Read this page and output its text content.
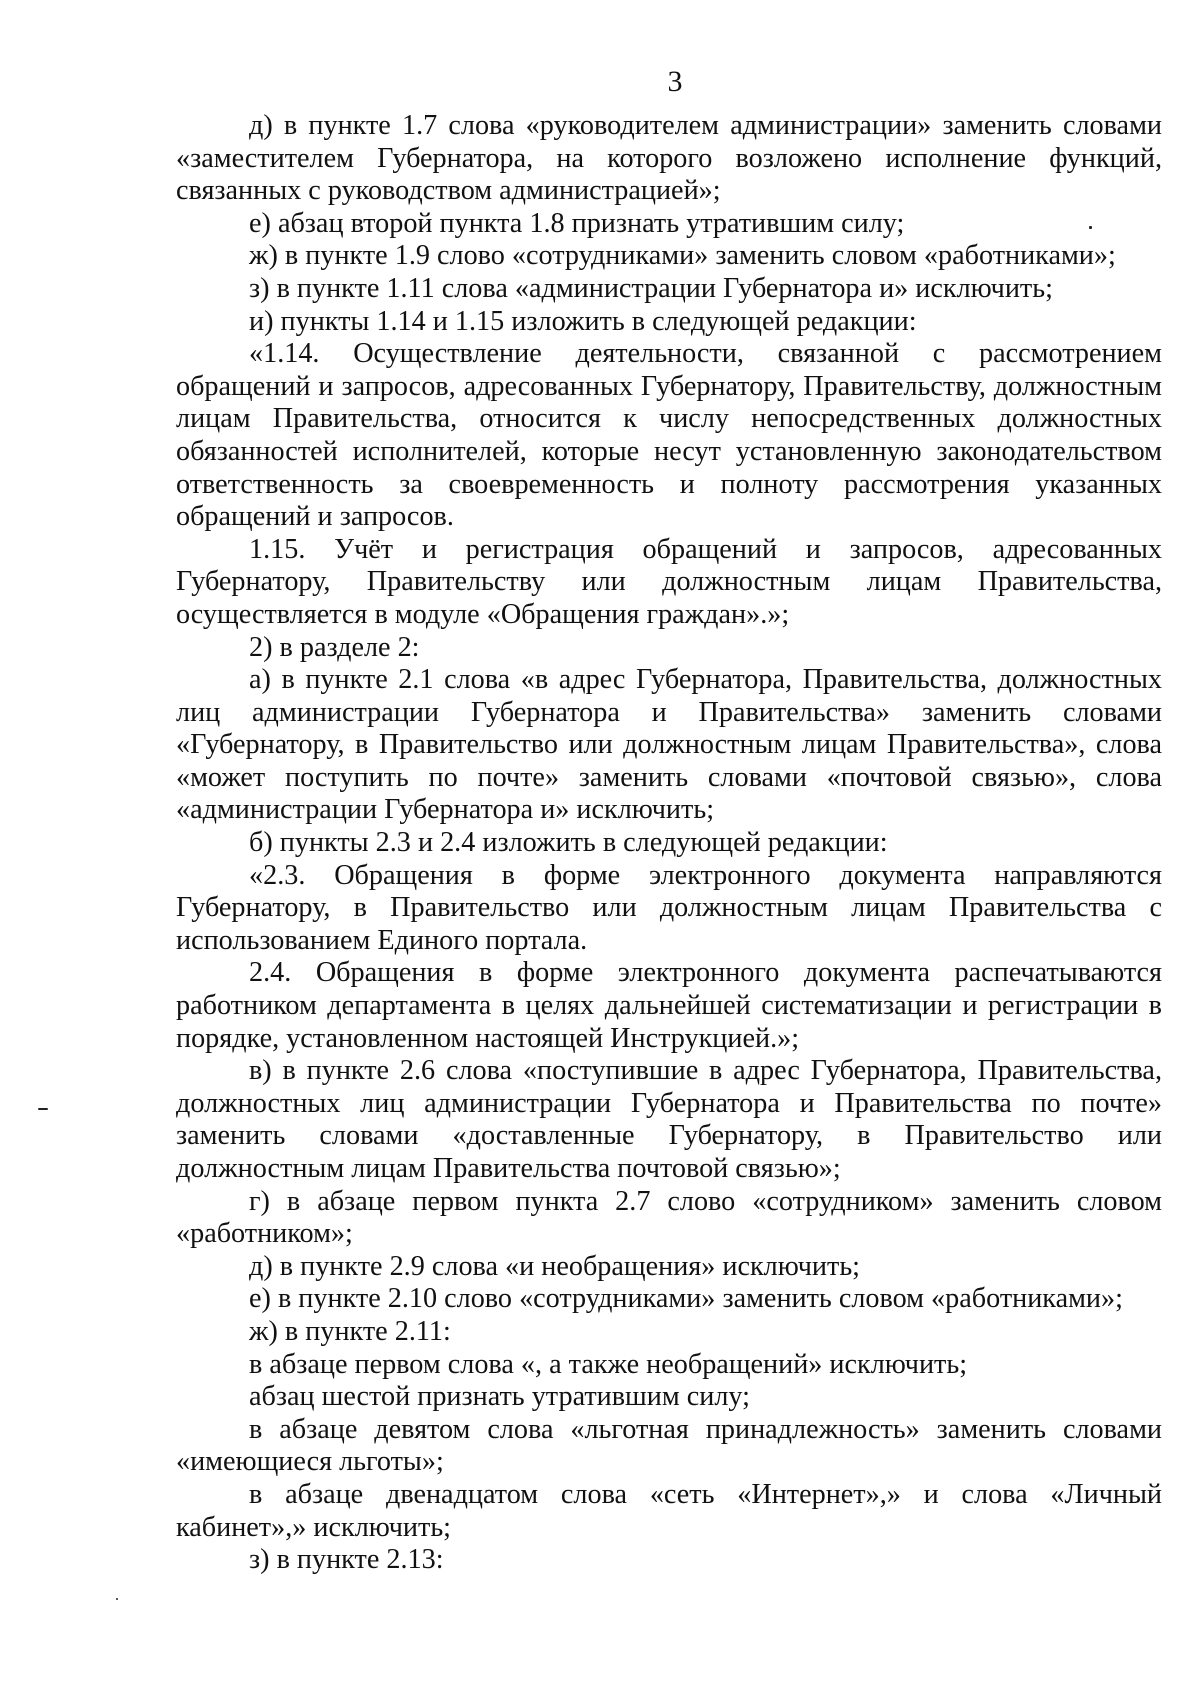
3

д) в пункте 1.7 слова «руководителем администрации» заменить словами «заместителем Губернатора, на которого возложено исполнение функций, связанных с руководством администрацией»;

е) абзац второй пункта 1.8 признать утратившим силу;

ж) в пункте 1.9 слово «сотрудниками» заменить словом «работниками»;

з) в пункте 1.11 слова «администрации Губернатора и» исключить;

и) пункты 1.14 и 1.15 изложить в следующей редакции:

«1.14. Осуществление деятельности, связанной с рассмотрением обращений и запросов, адресованных Губернатору, Правительству, должностным лицам Правительства, относится к числу непосредственных должностных обязанностей исполнителей, которые несут установленную законодательством ответственность за своевременность и полноту рассмотрения указанных обращений и запросов.

1.15. Учёт и регистрация обращений и запросов, адресованных Губернатору, Правительству или должностным лицам Правительства, осуществляется в модуле «Обращения граждан».»;

2) в разделе 2:

а) в пункте 2.1 слова «в адрес Губернатора, Правительства, должностных лиц администрации Губернатора и Правительства» заменить словами «Губернатору, в Правительство или должностным лицам Правительства», слова «может поступить по почте» заменить словами «почтовой связью», слова «администрации Губернатора и» исключить;

б) пункты 2.3 и 2.4 изложить в следующей редакции:

«2.3. Обращения в форме электронного документа направляются Губернатору, в Правительство или должностным лицам Правительства с использованием Единого портала.

2.4. Обращения в форме электронного документа распечатываются работником департамента в целях дальнейшей систематизации и регистрации в порядке, установленном настоящей Инструкцией.»;

в) в пункте 2.6 слова «поступившие в адрес Губернатора, Правительства, должностных лиц администрации Губернатора и Правительства по почте» заменить словами «доставленные Губернатору, в Правительство или должностным лицам Правительства почтовой связью»;

г) в абзаце первом пункта 2.7 слово «сотрудником» заменить словом «работником»;

д) в пункте 2.9 слова «и необращения» исключить;

е) в пункте 2.10 слово «сотрудниками» заменить словом «работниками»;

ж) в пункте 2.11:

в абзаце первом слова «, а также необращений» исключить;

абзац шестой признать утратившим силу;

в абзаце девятом слова «льготная принадлежность» заменить словами «имеющиеся льготы»;

в абзаце двенадцатом слова «сеть «Интернет»,» и слова «Личный кабинет»,» исключить;

з) в пункте 2.13:
